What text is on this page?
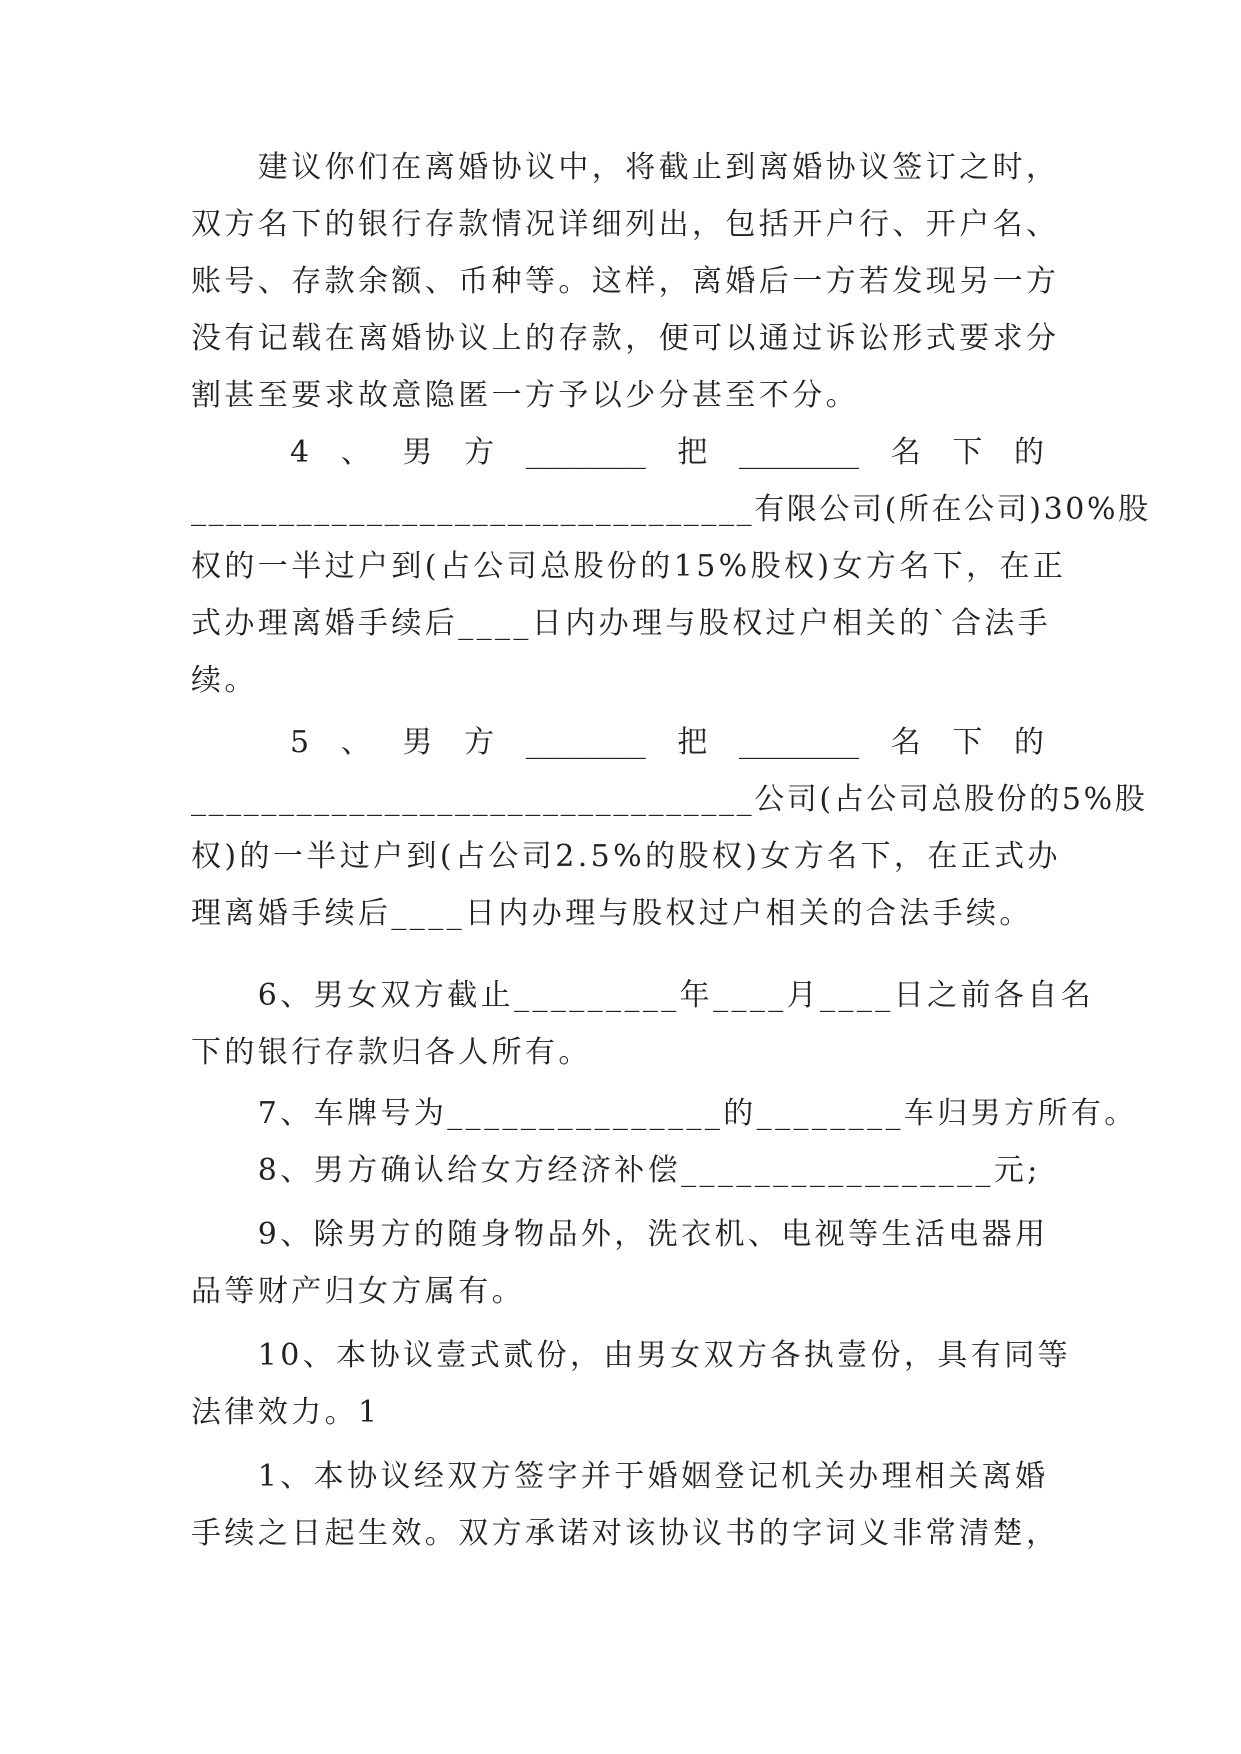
　　建议你们在离婚协议中，将截止到离婚协议签订之时，
双方名下的银行存款情况详细列出，包括开户行、开户名、
账号、存款余额、币种等。这样，离婚后一方若发现另一方
没有记载在离婚协议上的存款，便可以通过诉讼形式要求分
割甚至要求故意隐匿一方予以少分甚至不分。
4 、 男 方 ________ 把 ________ 名 下 的
________________________________有限公司(所在公司)30%股
权的一半过户到(占公司总股份的15%股权)女方名下，在正
式办理离婚手续后____日内办理与股权过户相关的`合法手
续。
5 、 男 方 ________ 把 ________ 名 下 的
________________________________公司(占公司总股份的5%股
权)的一半过户到(占公司2.5%的股权)女方名下，在正式办
理离婚手续后____日内办理与股权过户相关的合法手续。
　　6、男女双方截止_________年____月____日之前各自名
下的银行存款归各人所有。
　　7、车牌号为_______________的________车归男方所有。
　　8、男方确认给女方经济补偿_________________元;
　　9、除男方的随身物品外，洗衣机、电视等生活电器用
品等财产归女方属有。
　　10、本协议壹式贰份，由男女双方各执壹份，具有同等
法律效力。1
　　1、本协议经双方签字并于婚姻登记机关办理相关离婚
手续之日起生效。双方承诺对该协议书的字词义非常清楚，
